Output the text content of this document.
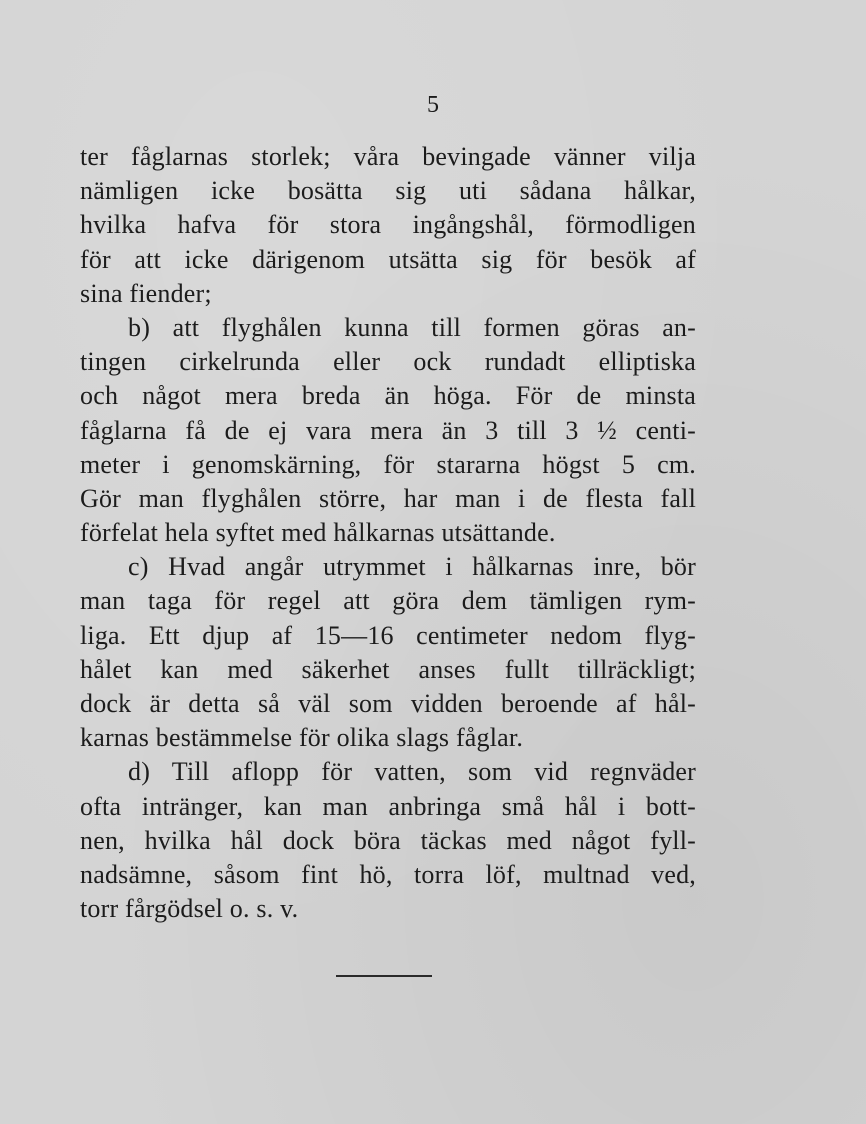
5
ter fåglarnas storlek; våra bevingade vänner vilja
nämligen icke bosätta sig uti sådana hålkar,
hvilka hafva för stora ingångshål, förmodligen
för att icke därigenom utsätta sig för besök af
sina fiender;
b) att flyghålen kunna till formen göras an-
tingen cirkelrunda eller ock rundadt elliptiska
och något mera breda än höga. För de minsta
fåglarna få de ej vara mera än 3 till 3 ½ centi-
meter i genomskärning, för stararna högst 5 cm.
Gör man flyghålen större, har man i de flesta fall
förfelat hela syftet med hålkarnas utsättande.
c) Hvad angår utrymmet i hålkarnas inre, bör
man taga för regel att göra dem tämligen rym-
liga. Ett djup af 15—16 centimeter nedom flyg-
hålet kan med säkerhet anses fullt tillräckligt;
dock är detta så väl som vidden beroende af hål-
karnas bestämmelse för olika slags fåglar.
d) Till aflopp för vatten, som vid regnväder
ofta intränger, kan man anbringa små hål i bott-
nen, hvilka hål dock böra täckas med något fyll-
nadsämne, såsom fint hö, torra löf, multnad ved,
torr fårgödsel o. s. v.
